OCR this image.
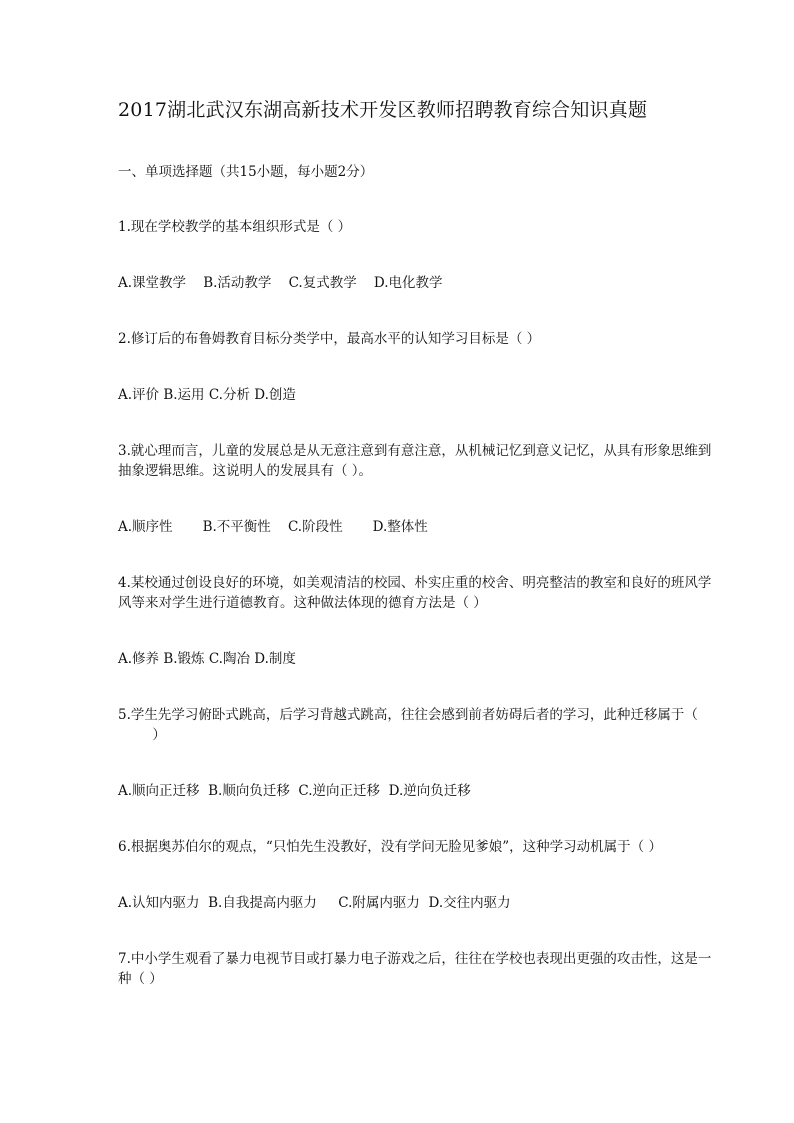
2017湖北武汉东湖高新技术开发区教师招聘教育综合知识真题
一、单项选择题（共15小题，每小题2分）
1.现在学校教学的基本组织形式是（ ）
A.课堂教学    B.活动教学    C.复式教学    D.电化教学
2.修订后的布鲁姆教育目标分类学中，最高水平的认知学习目标是（ ）
A.评价 B.运用 C.分析 D.创造
3.就心理而言，儿童的发展总是从无意注意到有意注意，从机械记忆到意义记忆，从具有形象思维到
抽象逻辑思维。这说明人的发展具有（ ）。
A.顺序性       B.不平衡性    C.阶段性       D.整体性
4.某校通过创设良好的环境，如美观清洁的校园、朴实庄重的校舍、明亮整洁的教室和良好的班风学
风等来对学生进行道德教育。这种做法体现的德育方法是（ ）
A.修养 B.锻炼 C.陶冶 D.制度
5.学生先学习俯卧式跳高，后学习背越式跳高，往往会感到前者妨碍后者的学习，此种迁移属于（
）
A.顺向正迁移  B.顺向负迁移  C.逆向正迁移  D.逆向负迁移
6.根据奥苏伯尔的观点，“只怕先生没教好，没有学问无脸见爹娘”，这种学习动机属于（ ）
A.认知内驱力  B.自我提高内驱力     C.附属内驱力  D.交往内驱力
7.中小学生观看了暴力电视节目或打暴力电子游戏之后，往往在学校也表现出更强的攻击性，这是一
种（ ）
